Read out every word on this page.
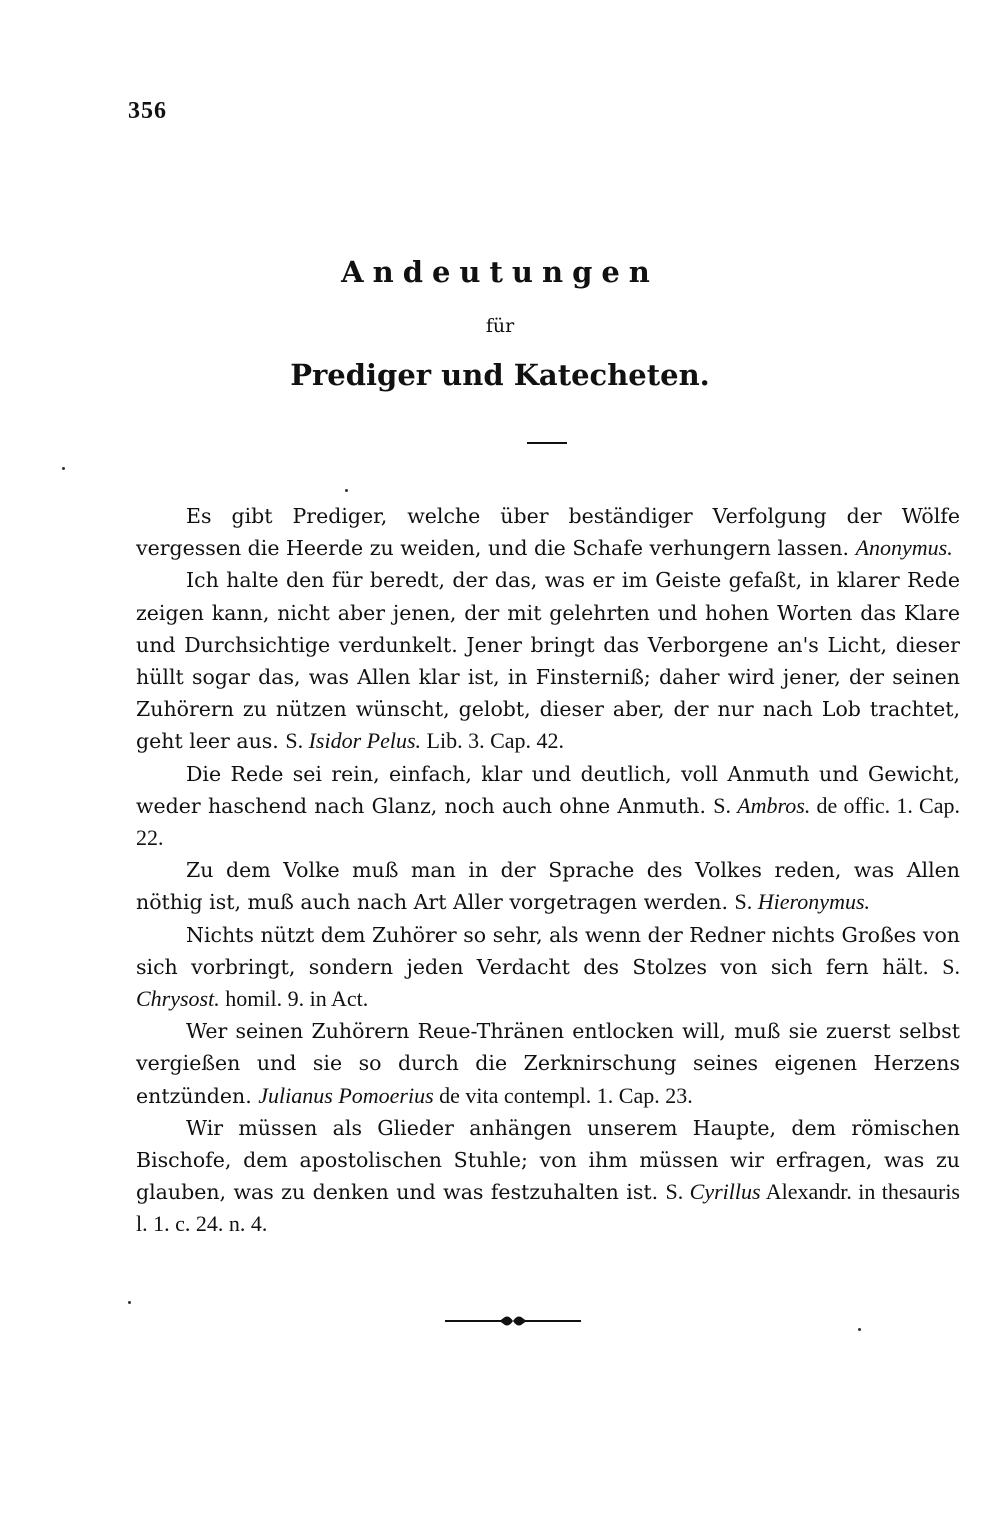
356
Andeutungen
für
Prediger und Katecheten.

Es gibt Prediger, welche über beständiger Verfolgung der Wölfe vergessen die Heerde zu weiden, und die Schafe verhungern lassen. Anonymus.

Ich halte den für beredt, der das, was er im Geiste gefaßt, in klarer Rede zeigen kann, nicht aber jenen, der mit gelehrten und hohen Worten das Klare und Durchsichtige verdunkelt. Jener bringt das Verborgene an's Licht, dieser hüllt sogar das, was Allen klar ist, in Finsterniß; daher wird jener, der seinen Zuhörern zu nützen wünscht, gelobt, dieser aber, der nur nach Lob trachtet, geht leer aus. S. Isidor Pelus. Lib. 3. Cap. 42.

Die Rede sei rein, einfach, klar und deutlich, voll Anmuth und Gewicht, weder haschend nach Glanz, noch auch ohne Anmuth. S. Ambros. de offic. 1. Cap. 22.

Zu dem Volke muß man in der Sprache des Volkes reden, was Allen nöthig ist, muß auch nach Art Aller vorgetragen werden. S. Hieronymus.

Nichts nützt dem Zuhörer so sehr, als wenn der Redner nichts Großes von sich vorbringt, sondern jeden Verdacht des Stolzes von sich fern hält. S. Chrysost. homil. 9. in Act.

Wer seinen Zuhörern Reue-Thränen entlocken will, muß sie zuerst selbst vergießen und sie so durch die Zerknirschung seines eigenen Herzens entzünden. Julianus Pomoerius de vita contempl. 1. Cap. 23.

Wir müssen als Glieder anhängen unserem Haupte, dem römischen Bischofe, dem apostolischen Stuhle; von ihm müssen wir erfragen, was zu glauben, was zu denken und was festzuhalten ist. S. Cyrillus Alexandr. in thesauris l. 1. c. 24. n. 4.
